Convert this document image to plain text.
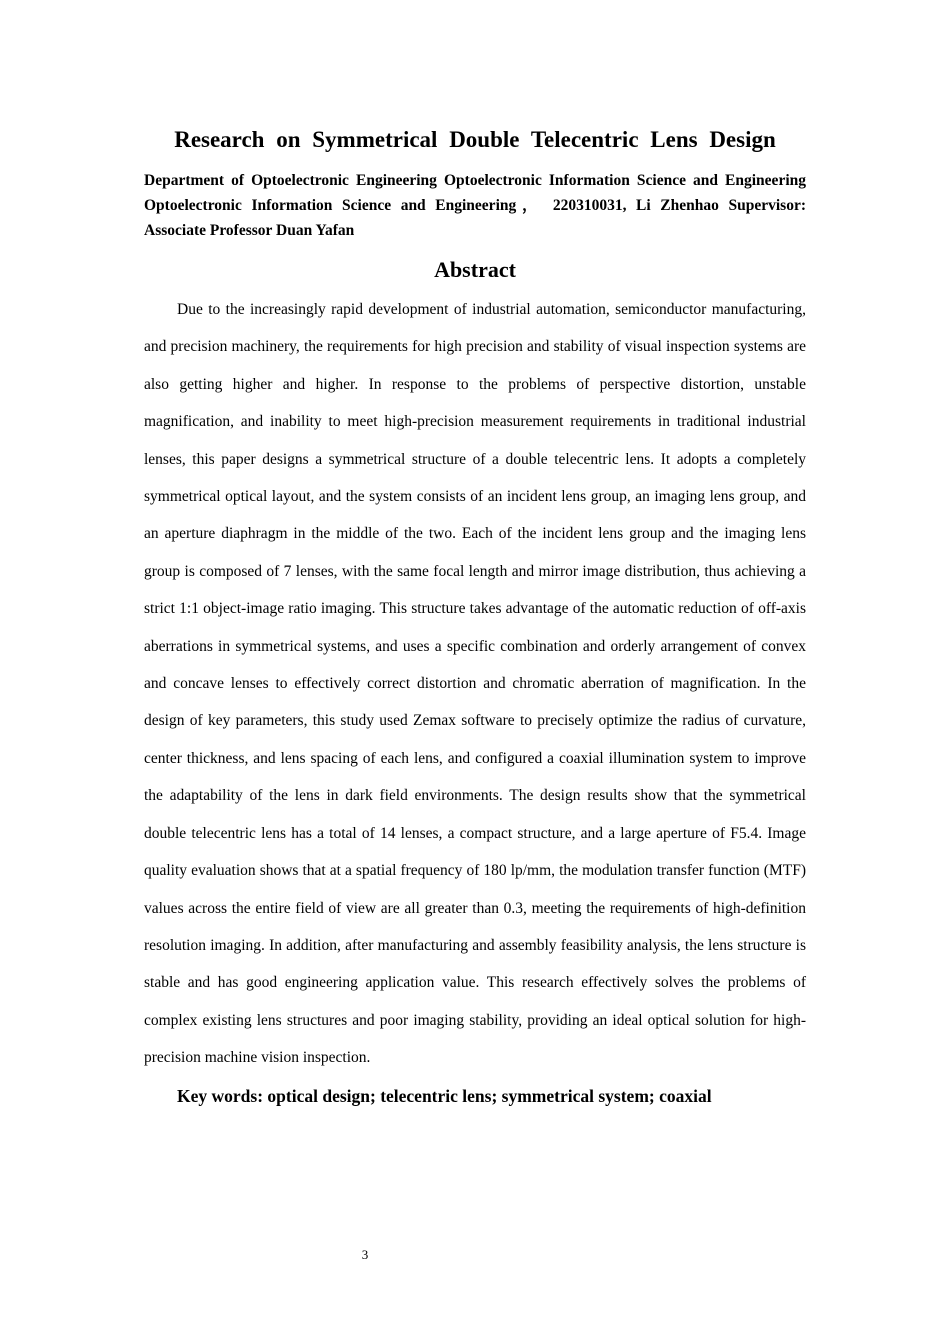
Research on Symmetrical Double Telecentric Lens Design
Department of Optoelectronic Engineering Optoelectronic Information Science and Engineering Optoelectronic Information Science and Engineering， 220310031, Li Zhenhao Supervisor: Associate Professor Duan Yafan
Abstract

Due to the increasingly rapid development of industrial automation, semiconductor manufacturing, and precision machinery, the requirements for high precision and stability of visual inspection systems are also getting higher and higher. In response to the problems of perspective distortion, unstable magnification, and inability to meet high-precision measurement requirements in traditional industrial lenses, this paper designs a symmetrical structure of a double telecentric lens. It adopts a completely symmetrical optical layout, and the system consists of an incident lens group, an imaging lens group, and an aperture diaphragm in the middle of the two. Each of the incident lens group and the imaging lens group is composed of 7 lenses, with the same focal length and mirror image distribution, thus achieving a strict 1:1 object-image ratio imaging. This structure takes advantage of the automatic reduction of off-axis aberrations in symmetrical systems, and uses a specific combination and orderly arrangement of convex and concave lenses to effectively correct distortion and chromatic aberration of magnification. In the design of key parameters, this study used Zemax software to precisely optimize the radius of curvature, center thickness, and lens spacing of each lens, and configured a coaxial illumination system to improve the adaptability of the lens in dark field environments. The design results show that the symmetrical double telecentric lens has a total of 14 lenses, a compact structure, and a large aperture of F5.4. Image quality evaluation shows that at a spatial frequency of 180 lp/mm, the modulation transfer function (MTF) values across the entire field of view are all greater than 0.3, meeting the requirements of high-definition resolution imaging. In addition, after manufacturing and assembly feasibility analysis, the lens structure is stable and has good engineering application value. This research effectively solves the problems of complex existing lens structures and poor imaging stability, providing an ideal optical solution for high-precision machine vision inspection.

Key words: optical design; telecentric lens; symmetrical system; coaxial
3
